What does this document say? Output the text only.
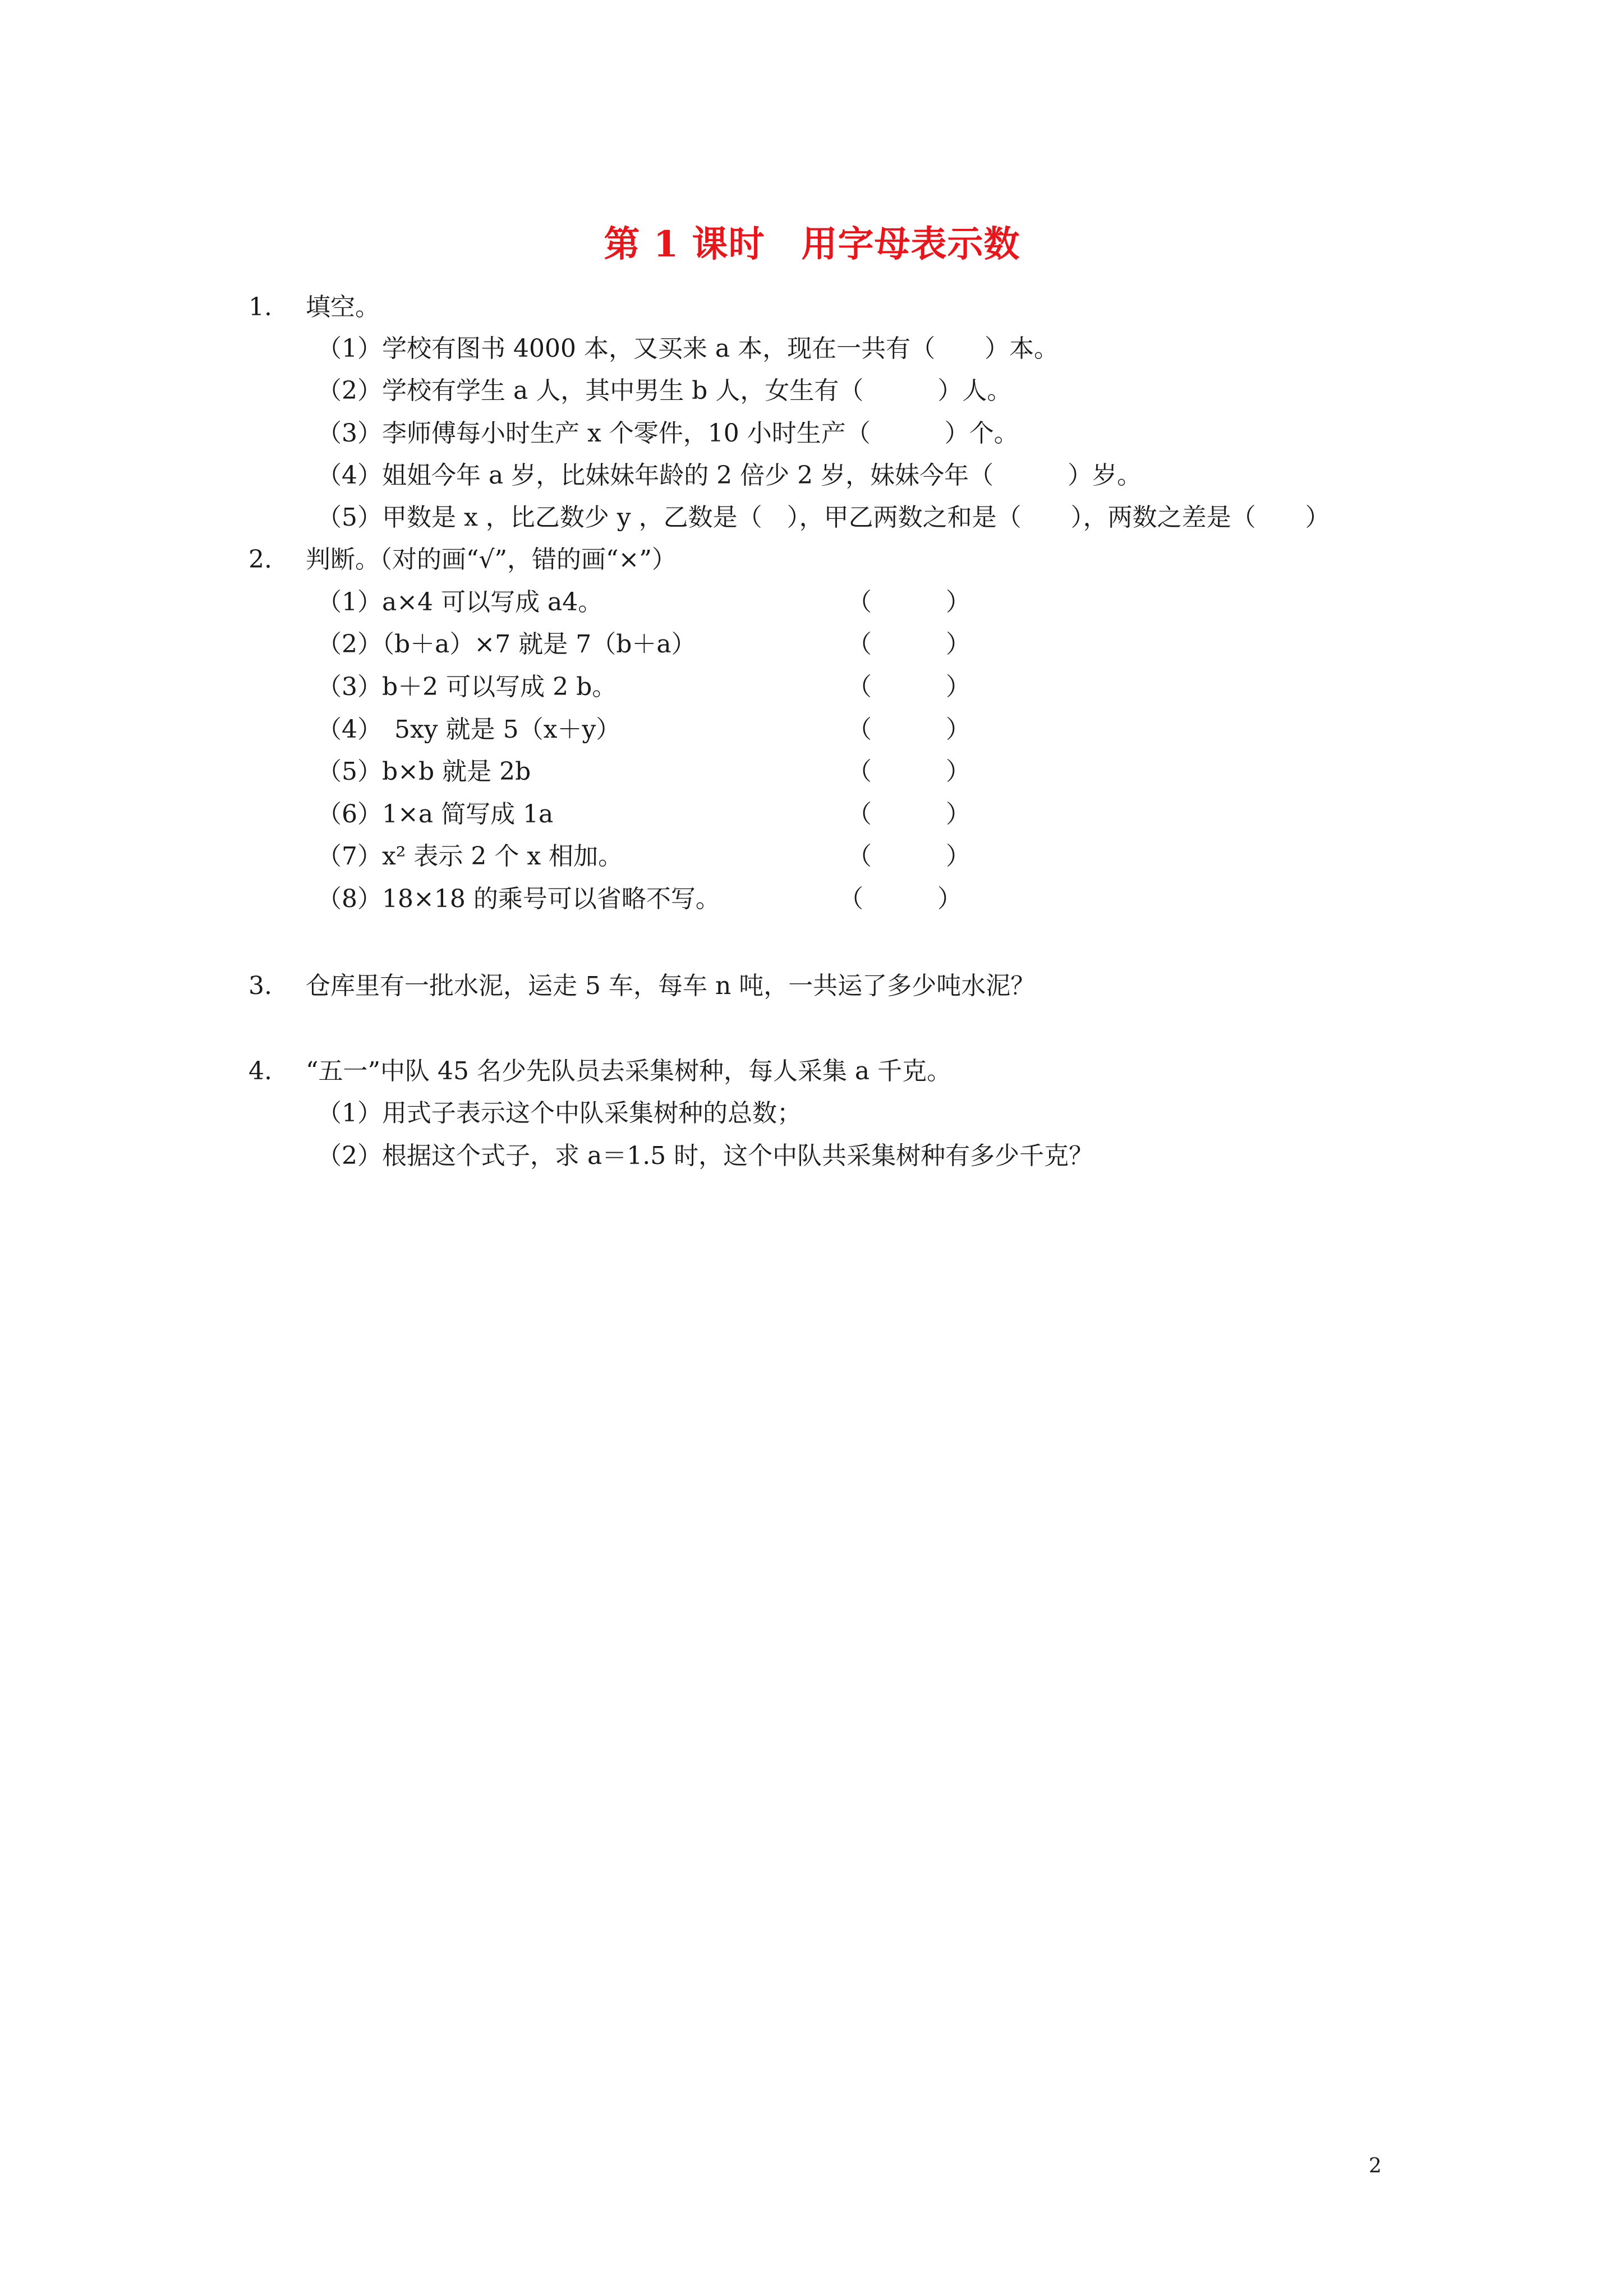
第 1 课时　用字母表示数
1. 填空。
（1）学校有图书 4000 本，又买来 a 本，现在一共有（　　）本。
（2）学校有学生 a 人，其中男生 b 人，女生有（　　　）人。
（3）李师傅每小时生产 x 个零件，10 小时生产（　　　）个。
（4）姐姐今年 a 岁，比妹妹年龄的 2 倍少 2 岁，妹妹今年（　　　）岁。
（5）甲数是 x ，比乙数少 y ，乙数是（　），甲乙两数之和是（　　），两数之差是（　　）
2. 判断。（对的画“√”，错的画“×”）
（1）a×4 可以写成 a4。	（　　　）
（2）（b＋a）×7 就是 7（b＋a）	（　　　）
（3）b＋2 可以写成 2 b。	（　　　）
（4）　5xy 就是 5（x＋y）	（　　　）
（5）b×b 就是 2b	（　　　）
（6）1×a 简写成 1a	（　　　）
（7）x² 表示 2 个 x 相加。	（　　　）
（8）18×18 的乘号可以省略不写。	（　　　）
3. 仓库里有一批水泥，运走 5 车，每车 n 吨，一共运了多少吨水泥？
4. “五一”中队 45 名少先队员去采集树种，每人采集 a 千克。
（1）用式子表示这个中队采集树种的总数；
（2）根据这个式子，求 a＝1.5 时，这个中队共采集树种有多少千克？
2
